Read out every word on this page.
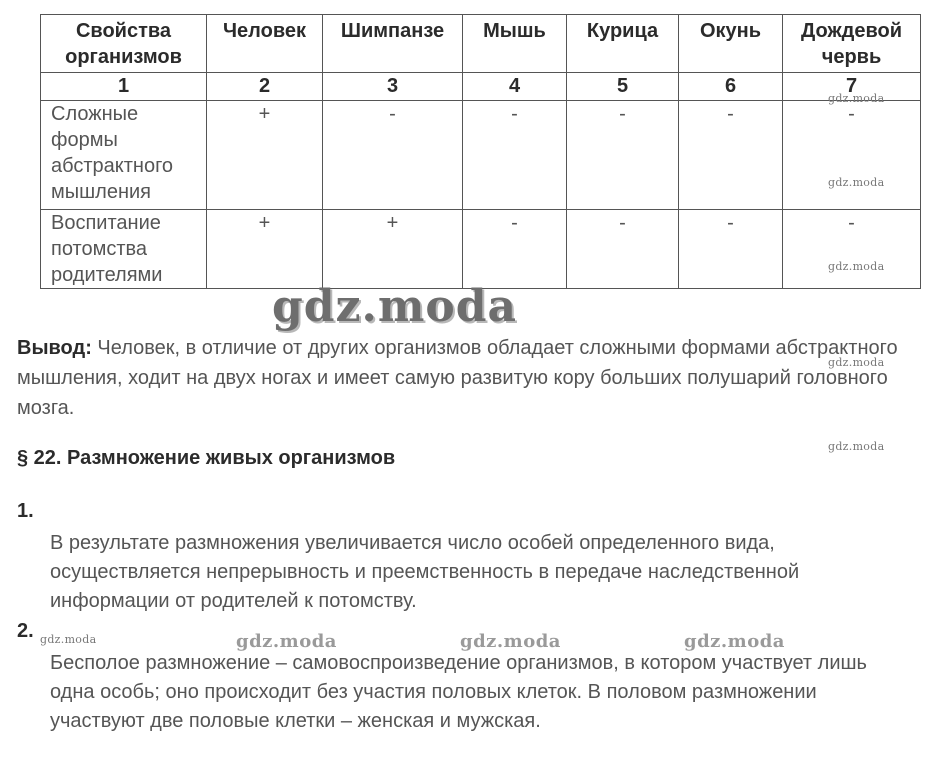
Свойства организмов	Человек	Шимпанзе	Мышь	Курица	Окунь	Дождевой червь
1	2	3	4	5	6	7
Сложные формы абстрактного мышления	+	-	-	-	-	-
Воспитание потомства родителями	+	+	-	-	-	-
gdz.moda
gdz.moda
gdz.moda
gdz.moda
gdz.moda
gdz.moda	gdz.moda	gdz.moda	gdz.moda
gdz.moda
Вывод: Человек, в отличие от других организмов обладает сложными формами абстрактного мышления, ходит на двух ногах и имеет самую развитую кору больших полушарий головного мозга.
§ 22. Размножение живых организмов
1.
В результате размножения увеличивается число особей определенного вида, осуществляется непрерывность и преемственность в передаче наследственной информации от родителей к потомству.
2.
Бесполое размножение – самовоспроизведение организмов, в котором участвует лишь одна особь; оно происходит без участия половых клеток. В половом размножении участвуют две половые клетки – женская и мужская.
